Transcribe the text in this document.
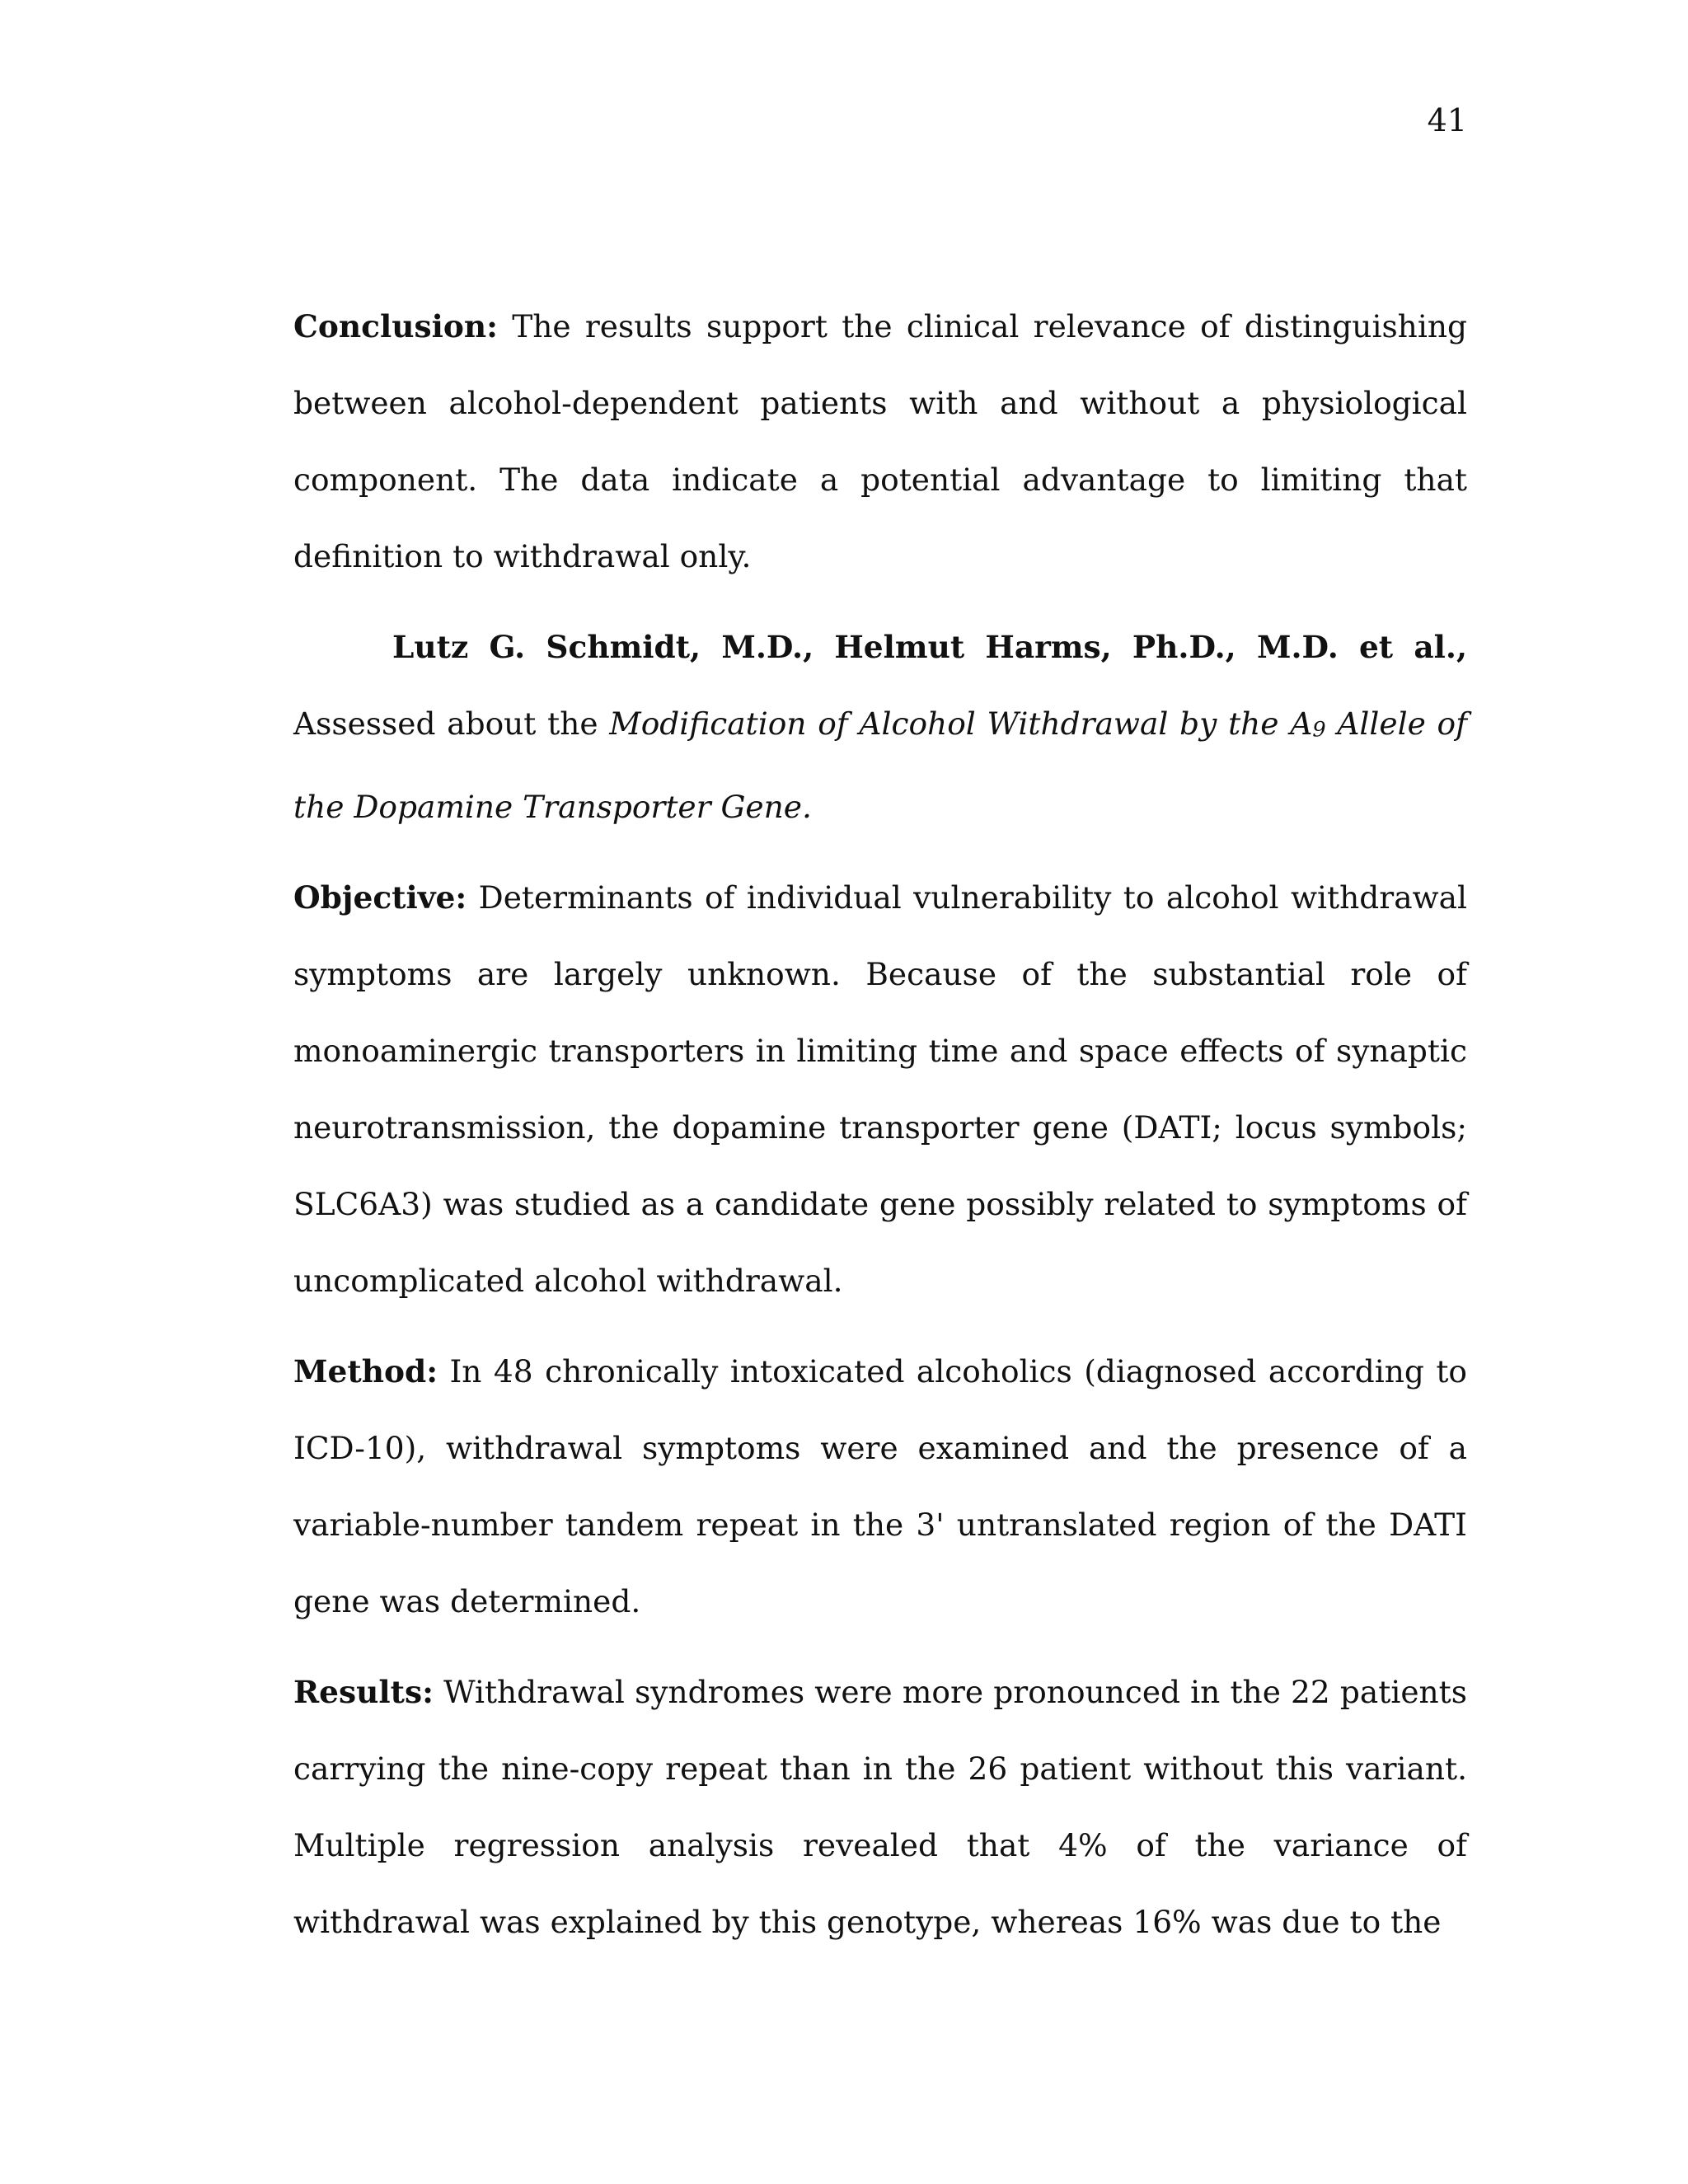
41

Conclusion: The results support the clinical relevance of distinguishing between alcohol-dependent patients with and without a physiological component. The data indicate a potential advantage to limiting that definition to withdrawal only.

Lutz G. Schmidt, M.D., Helmut Harms, Ph.D., M.D. et al., Assessed about the Modification of Alcohol Withdrawal by the A9 Allele of the Dopamine Transporter Gene.

Objective: Determinants of individual vulnerability to alcohol withdrawal symptoms are largely unknown. Because of the substantial role of monoaminergic transporters in limiting time and space effects of synaptic neurotransmission, the dopamine transporter gene (DATI; locus symbols; SLC6A3) was studied as a candidate gene possibly related to symptoms of uncomplicated alcohol withdrawal.

Method: In 48 chronically intoxicated alcoholics (diagnosed according to ICD-10), withdrawal symptoms were examined and the presence of a variable-number tandem repeat in the 3' untranslated region of the DATI gene was determined.

Results: Withdrawal syndromes were more pronounced in the 22 patients carrying the nine-copy repeat than in the 26 patient without this variant. Multiple regression analysis revealed that 4% of the variance of withdrawal was explained by this genotype, whereas 16% was due to the
